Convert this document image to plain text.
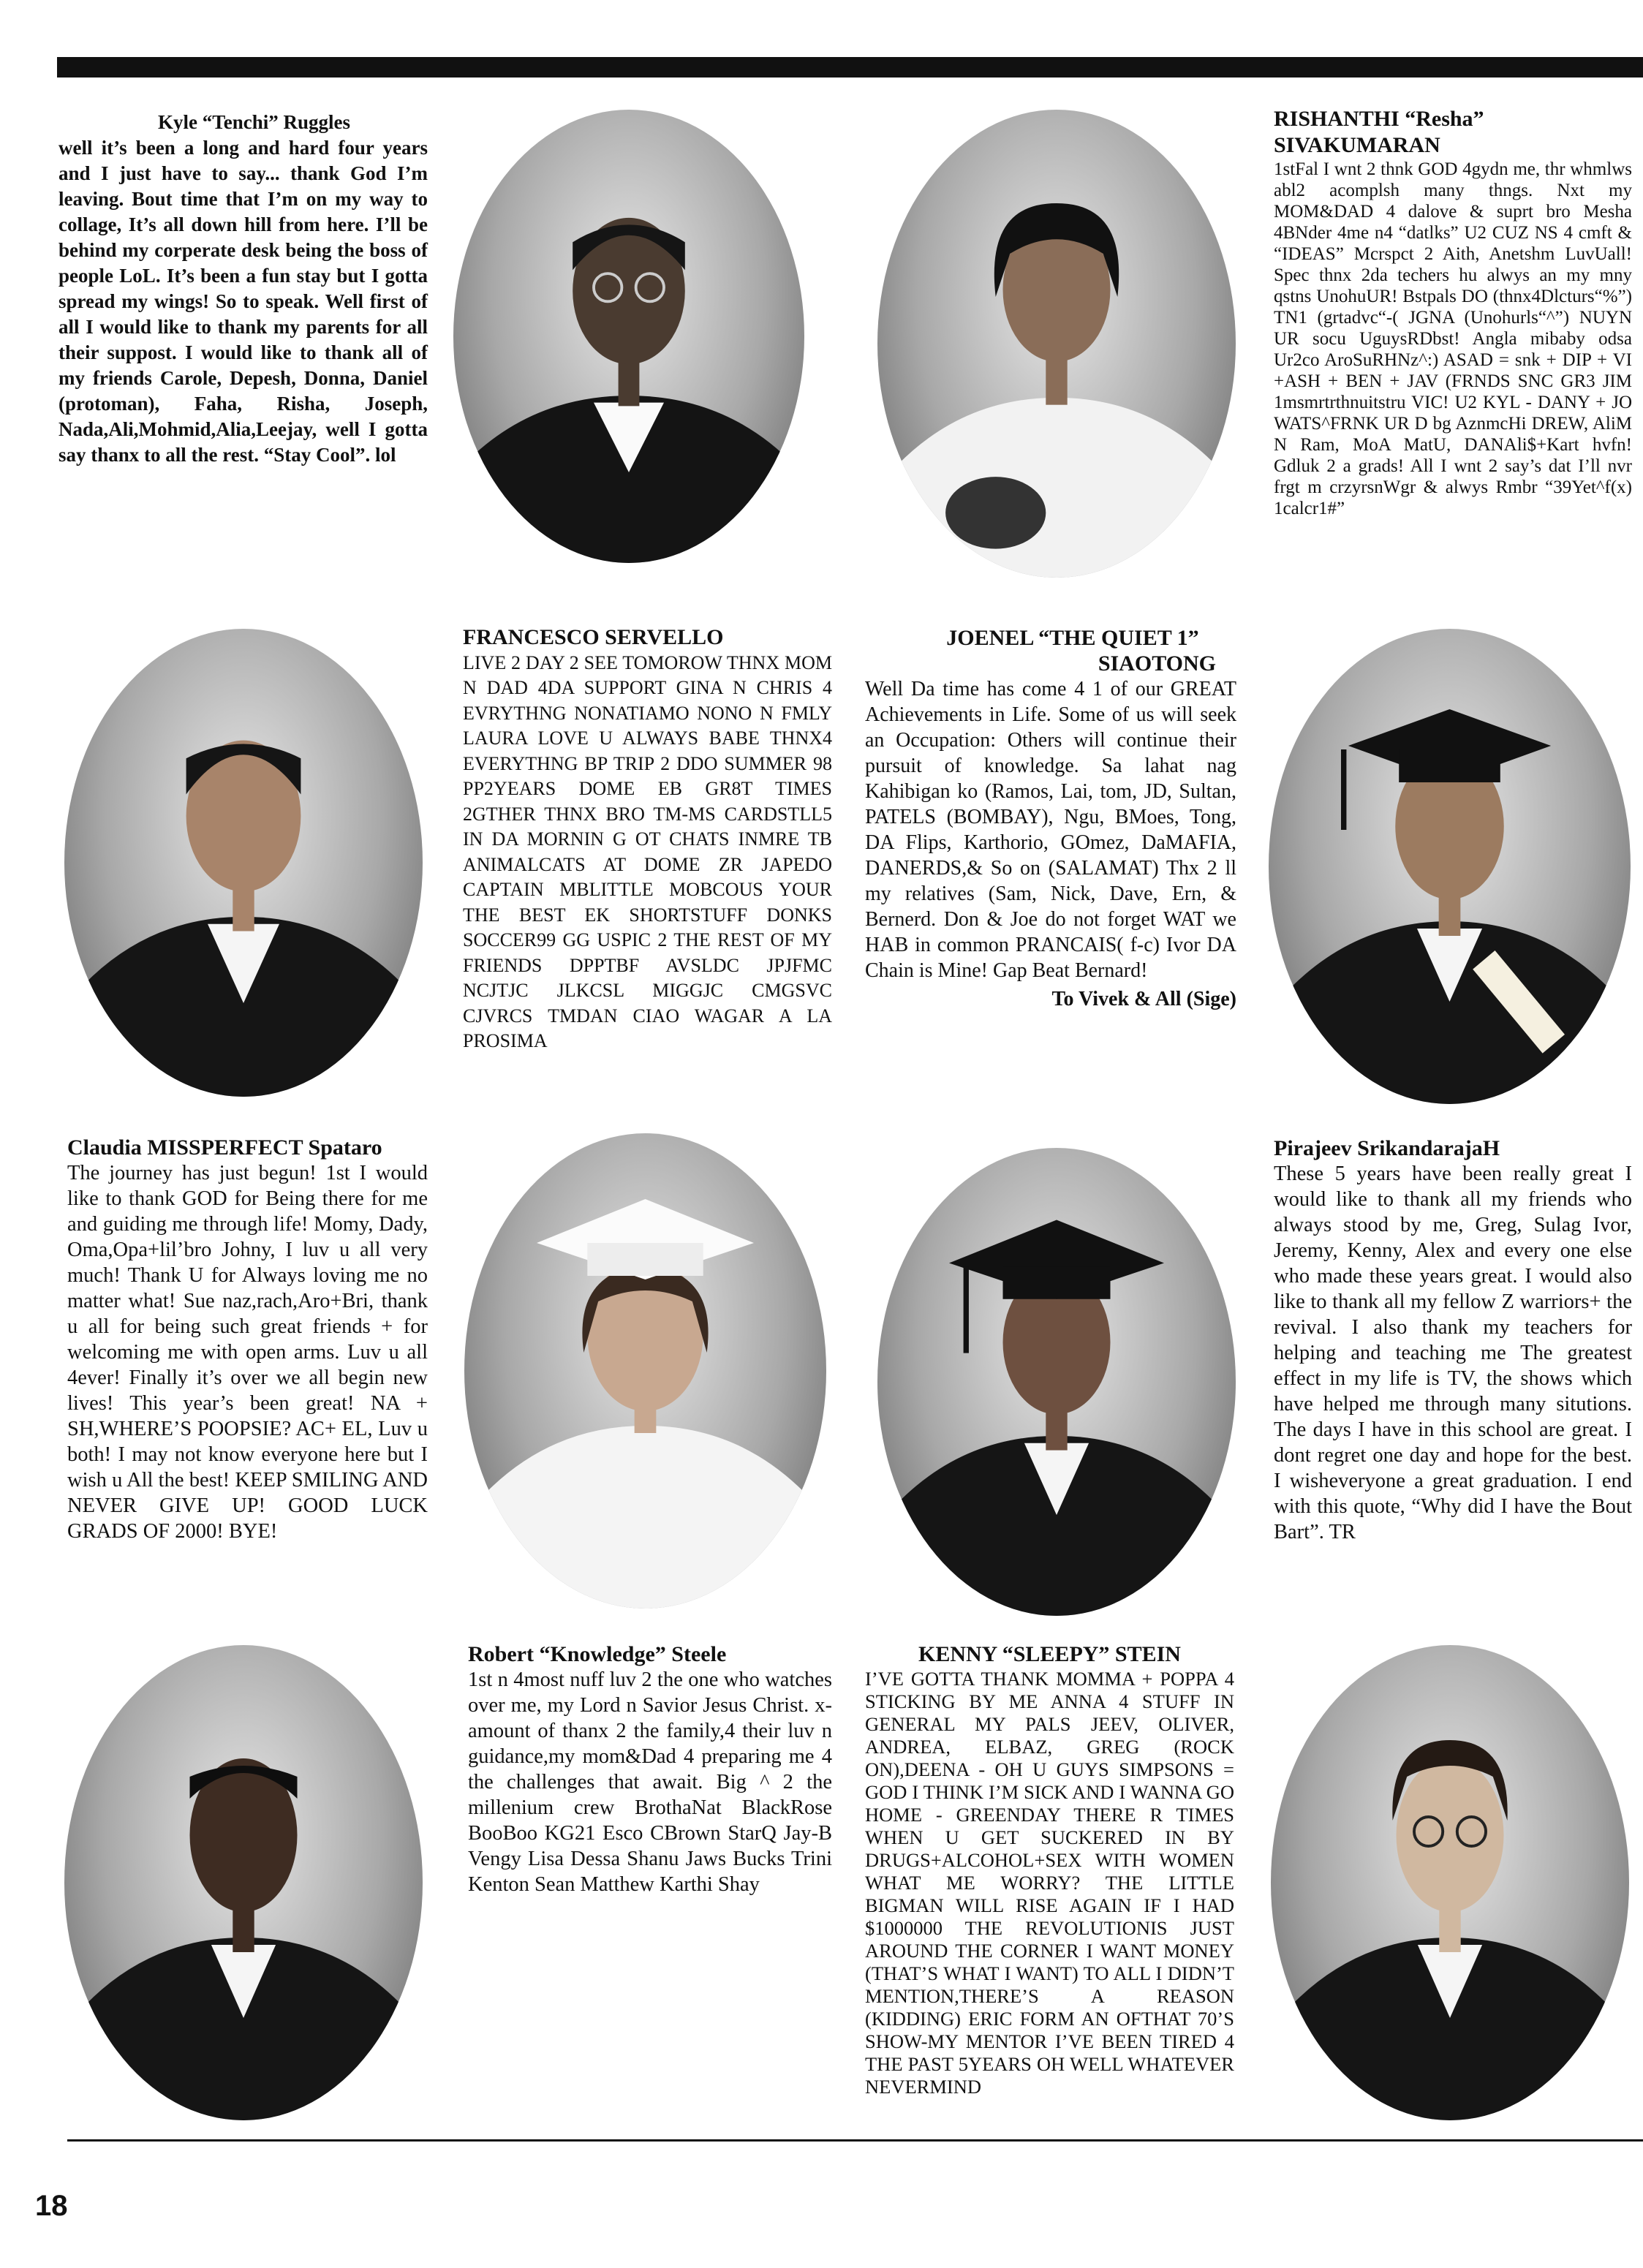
Kyle “Tenchi” Ruggles
well it’s been a long and hard four years and I just have to say... thank God I’m leaving. Bout time that I’m on my way to collage, It’s all down hill from here. I’ll be behind my corperate desk being the boss of people LoL. It’s been a fun stay but I gotta spread my wings! So to speak. Well first of all I would like to thank my parents for all their suppost. I would like to thank all of my friends Carole, Depesh, Donna, Daniel (protoman), Faha, Risha, Joseph, Nada,Ali,Mohmid,Alia,Leejay, well I gotta say thanx to all the rest. “Stay Cool”. lol
RISHANTHI “Resha”
SIVAKUMARAN
1stFal I wnt 2 thnk GOD 4gydn me, thr whmlws abl2 acomplsh many thngs. Nxt my MOM&DAD 4 dalove & suprt bro Mesha 4BNder 4me n4 “datlks” U2 CUZ NS 4 cmft & “IDEAS” Mcrspct 2 Aith, Anetshm LuvUall! Spec thnx 2da techers hu alwys an my mny qstns UnohuUR! Bstpals DO (thnx4Dlcturs“%”) TN1 (grtadvc“-( JGNA (Unohurls“^”) NUYN UR socu UguysRDbst! Angla mibaby odsa Ur2co AroSuRHNz^:) ASAD = snk + DIP + VI +ASH + BEN + JAV (FRNDS SNC GR3 JIM 1msmrtrthnuitstru VIC! U2 KYL - DANY + JO WATS^FRNK UR D bg AznmcHi DREW, AliM N Ram, MoA MatU, DANAli$+Kart hvfn! Gdluk 2 a grads! All I wnt 2 say’s dat I’ll nvr frgt m crzyrsnWgr & alwys Rmbr “39Yet^f(x) 1calcr1#”
FRANCESCO SERVELLO
LIVE 2 DAY 2 SEE TOMOROW THNX MOM N DAD 4DA SUPPORT GINA N CHRIS 4 EVRYTHNG NONATIAMO NONO N FMLY LAURA LOVE U ALWAYS BABE THNX4 EVERYTHNG BP TRIP 2 DDO SUMMER 98 PP2YEARS DOME EB GR8T TIMES 2GTHER THNX BRO TM-MS CARDSTLL5 IN DA MORNIN G OT CHATS INMRE TB ANIMALCATS AT DOME ZR JAPEDO CAPTAIN MBLITTLE MOBCOUS YOUR THE BEST EK SHORTSTUFF DONKS SOCCER99 GG USPIC 2 THE REST OF MY FRIENDS DPPTBF AVSLDC JPJFMC NCJTJC JLKCSL MIGGJC CMGSVC CJVRCS TMDAN CIAO WAGAR A LA PROSIMA
JOENEL “THE QUIET 1”
SIAOTONG
Well Da time has come 4 1 of our GREAT Achievements in Life. Some of us will seek an Occupation: Others will continue their pursuit of knowledge. Sa lahat nag Kahibigan ko (Ramos, Lai, tom, JD, Sultan, PATELS (BOMBAY), Ngu, BMoes, Tong, DA Flips, Karthorio, GOmez, DaMAFIA, DANERDS,& So on (SALAMAT) Thx 2 ll my relatives (Sam, Nick, Dave, Ern, & Bernerd. Don & Joe do not forget WAT we HAB in common PRANCAIS( f-c) Ivor DA Chain is Mine! Gap Beat Bernard!
To Vivek & All (Sige)
Claudia MISSPERFECT Spataro
The journey has just begun! 1st I would like to thank GOD for Being there for me and guiding me through life! Momy, Dady, Oma,Opa+lil’bro Johny, I luv u all very much! Thank U for Always loving me no matter what! Sue naz,rach,Aro+Bri, thank u all for being such great friends + for welcoming me with open arms. Luv u all 4ever! Finally it’s over we all begin new lives! This year’s been great! NA + SH,WHERE’S POOPSIE? AC+ EL, Luv u both! I may not know everyone here but I wish u All the best! KEEP SMILING AND NEVER GIVE UP! GOOD LUCK GRADS OF 2000! BYE!
Pirajeev SrikandarajaH
These 5 years have been really great I would like to thank all my friends who always stood by me, Greg, Sulag Ivor, Jeremy, Kenny, Alex and every one else who made these years great. I would also like to thank all my fellow Z warriors+ the revival. I also thank my teachers for helping and teaching me The greatest effect in my life is TV, the shows which have helped me through many situtions. The days I have in this school are great. I dont regret one day and hope for the best. I wisheveryone a great graduation. I end with this quote, “Why did I have the Bout Bart”. TR
Robert “Knowledge” Steele
1st n 4most nuff luv 2 the one who watches over me, my Lord n Savior Jesus Christ. x-amount of thanx 2 the family,4 their luv n guidance,my mom&Dad 4 preparing me 4 the challenges that await. Big ^ 2 the millenium crew BrothaNat BlackRose BooBoo KG21 Esco CBrown StarQ Jay-B Vengy Lisa Dessa Shanu Jaws Bucks Trini Kenton Sean Matthew Karthi Shay
KENNY “SLEEPY” STEIN
I’VE GOTTA THANK MOMMA + POPPA 4 STICKING BY ME ANNA 4 STUFF IN GENERAL MY PALS JEEV, OLIVER, ANDREA, ELBAZ, GREG (ROCK ON),DEENA - OH U GUYS SIMPSONS = GOD I THINK I’M SICK AND I WANNA GO HOME - GREENDAY THERE R TIMES WHEN U GET SUCKERED IN BY DRUGS+ALCOHOL+SEX WITH WOMEN WHAT ME WORRY? THE LITTLE BIGMAN WILL RISE AGAIN IF I HAD $1000000 THE REVOLUTIONIS JUST AROUND THE CORNER I WANT MONEY (THAT’S WHAT I WANT) TO ALL I DIDN’T MENTION,THERE’S A REASON (KIDDING) ERIC FORM AN OFTHAT 70’S SHOW-MY MENTOR I’VE BEEN TIRED 4 THE PAST 5YEARS OH WELL WHATEVER NEVERMIND
18
